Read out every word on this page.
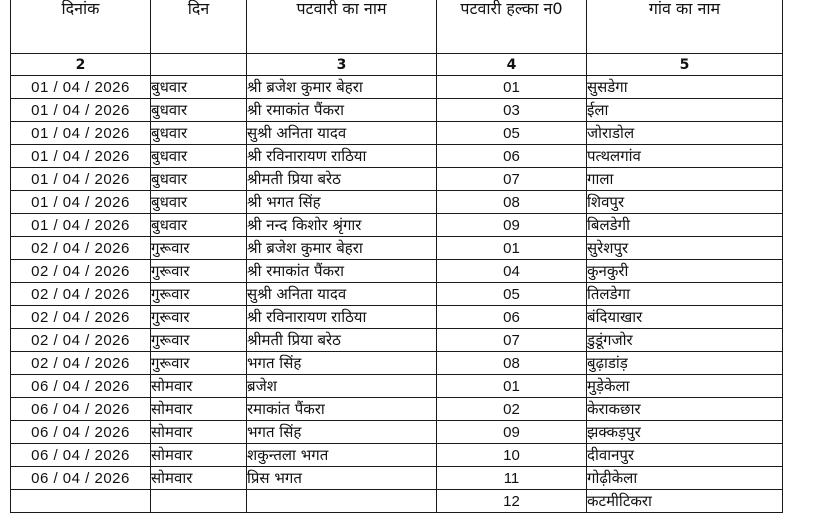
दिनांक	दिन	पटवारी का नाम	पटवारी हल्का न0	गांव का नाम
2		3	4	5
01 / 04 / 2026	बुधवार	श्री ब्रजेश कुमार बेहरा	01	सुसडेगा
01 / 04 / 2026	बुधवार	श्री रमाकांत पैंकरा	03	ईला
01 / 04 / 2026	बुधवार	सुश्री अनिता यादव	05	जोराडोल
01 / 04 / 2026	बुधवार	श्री रविनारायण राठिया	06	पत्थलगांव
01 / 04 / 2026	बुधवार	श्रीमती प्रिया बरेठ	07	गाला
01 / 04 / 2026	बुधवार	श्री भगत सिंह	08	शिवपुर
01 / 04 / 2026	बुधवार	श्री नन्द किशोर श्रृंगार	09	बिलडेगी
02 / 04 / 2026	गुरूवार	श्री ब्रजेश कुमार बेहरा	01	सुरेशपुर
02 / 04 / 2026	गुरूवार	श्री रमाकांत पैंकरा	04	कुनकुरी
02 / 04 / 2026	गुरूवार	सुश्री अनिता यादव	05	तिलडेगा
02 / 04 / 2026	गुरूवार	श्री रविनारायण राठिया	06	बंदियाखार
02 / 04 / 2026	गुरूवार	श्रीमती प्रिया बरेठ	07	डुडूंगजोर
02 / 04 / 2026	गुरूवार	भगत सिंह	08	बुढ़ाडांड़
06 / 04 / 2026	सोमवार	ब्रजेश	01	मुड़ेकेला
06 / 04 / 2026	सोमवार	रमाकांत पैंकरा	02	केराकछार
06 / 04 / 2026	सोमवार	भगत सिंह	09	झक्कड़पुर
06 / 04 / 2026	सोमवार	शकुन्तला भगत	10	दीवानपुर
06 / 04 / 2026	सोमवार	प्रिस भगत	11	गोढ़ीकेला
			12	कटमीटिकरा
